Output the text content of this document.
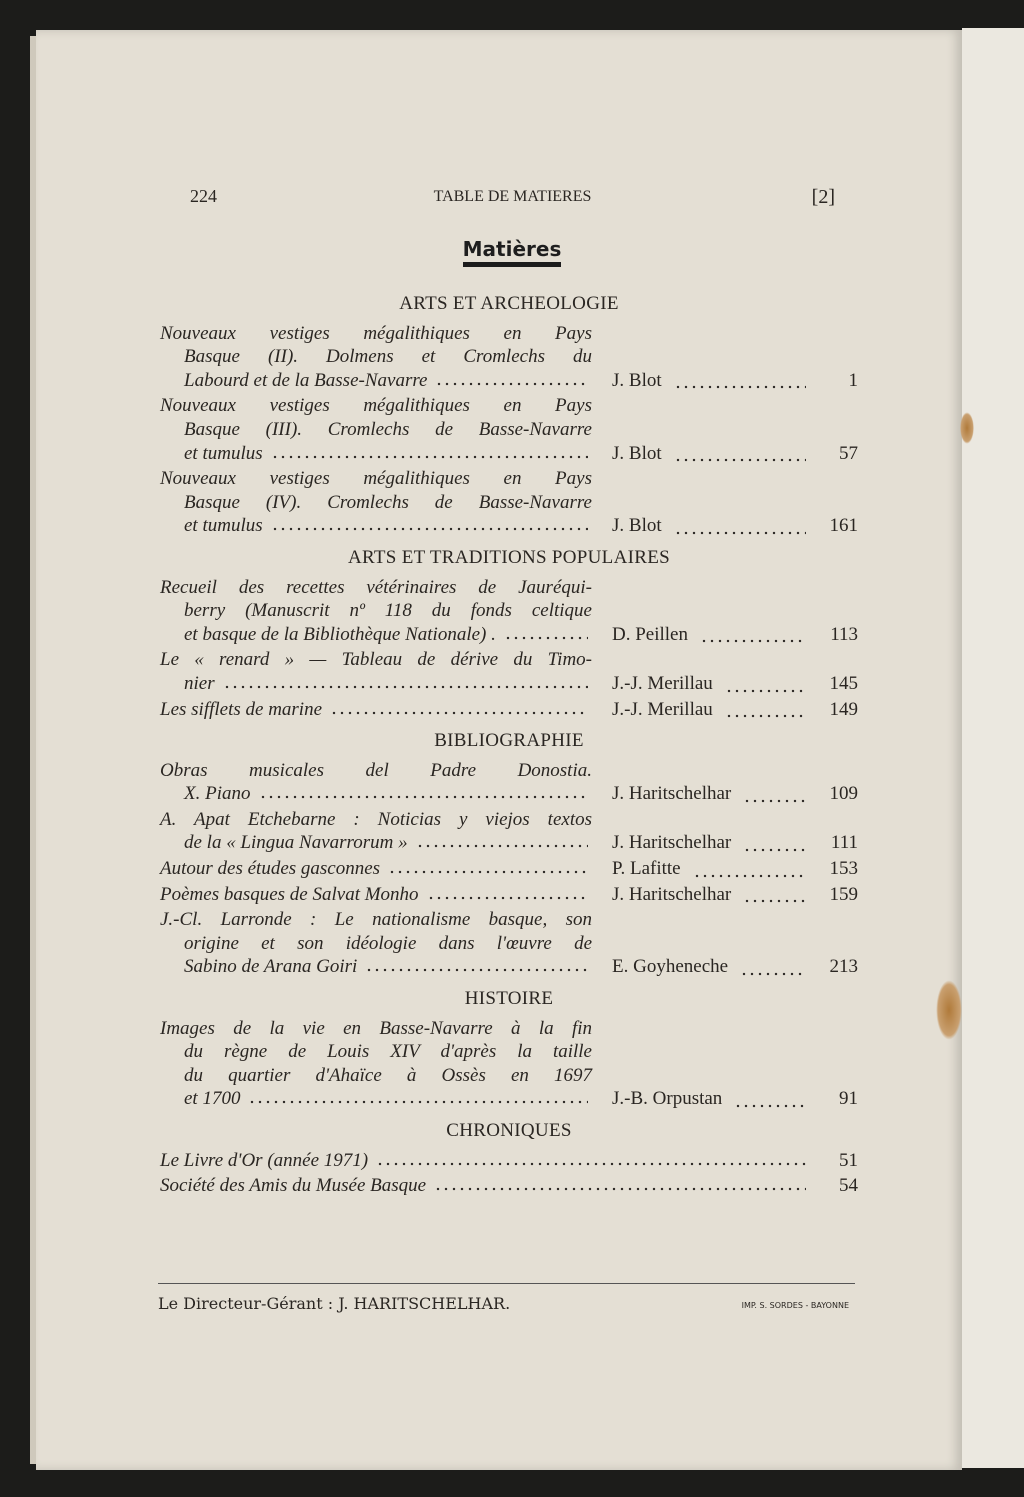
224	TABLE DE MATIERES	[2]
Matières
ARTS ET ARCHEOLOGIE
Nouveaux vestiges mégalithiques en Pays
Basque (II). Dolmens et Cromlechs du
Labourd et de la Basse-Navarre	J. Blot	1
Nouveaux vestiges mégalithiques en Pays
Basque (III). Cromlechs de Basse-Navarre
et tumulus	J. Blot	57
Nouveaux vestiges mégalithiques en Pays
Basque (IV). Cromlechs de Basse-Navarre
et tumulus	J. Blot	161
ARTS ET TRADITIONS POPULAIRES
Recueil des recettes vétérinaires de Jauréqui-
berry (Manuscrit nº 118 du fonds celtique
et basque de la Bibliothèque Nationale) .	D. Peillen	113
Le « renard » — Tableau de dérive du Timo-
nier	J.-J. Merillau	145
Les sifflets de marine	J.-J. Merillau	149
BIBLIOGRAPHIE
Obras musicales del Padre Donostia.
X. Piano	J. Haritschelhar	109
A. Apat Etchebarne : Noticias y viejos textos
de la « Lingua Navarrorum »	J. Haritschelhar	111
Autour des études gasconnes	P. Lafitte	153
Poèmes basques de Salvat Monho	J. Haritschelhar	159
J.-Cl. Larronde : Le nationalisme basque, son
origine et son idéologie dans l'œuvre de
Sabino de Arana Goiri	E. Goyheneche	213
HISTOIRE
Images de la vie en Basse-Navarre à la fin
du règne de Louis XIV d'après la taille
du quartier d'Ahaïce à Ossès en 1697
et 1700	J.-B. Orpustan	91
CHRONIQUES
Le Livre d'Or (année 1971)	51
Société des Amis du Musée Basque	54
Le Directeur-Gérant : J. HARITSCHELHAR.	IMP. S. SORDES - BAYONNE
